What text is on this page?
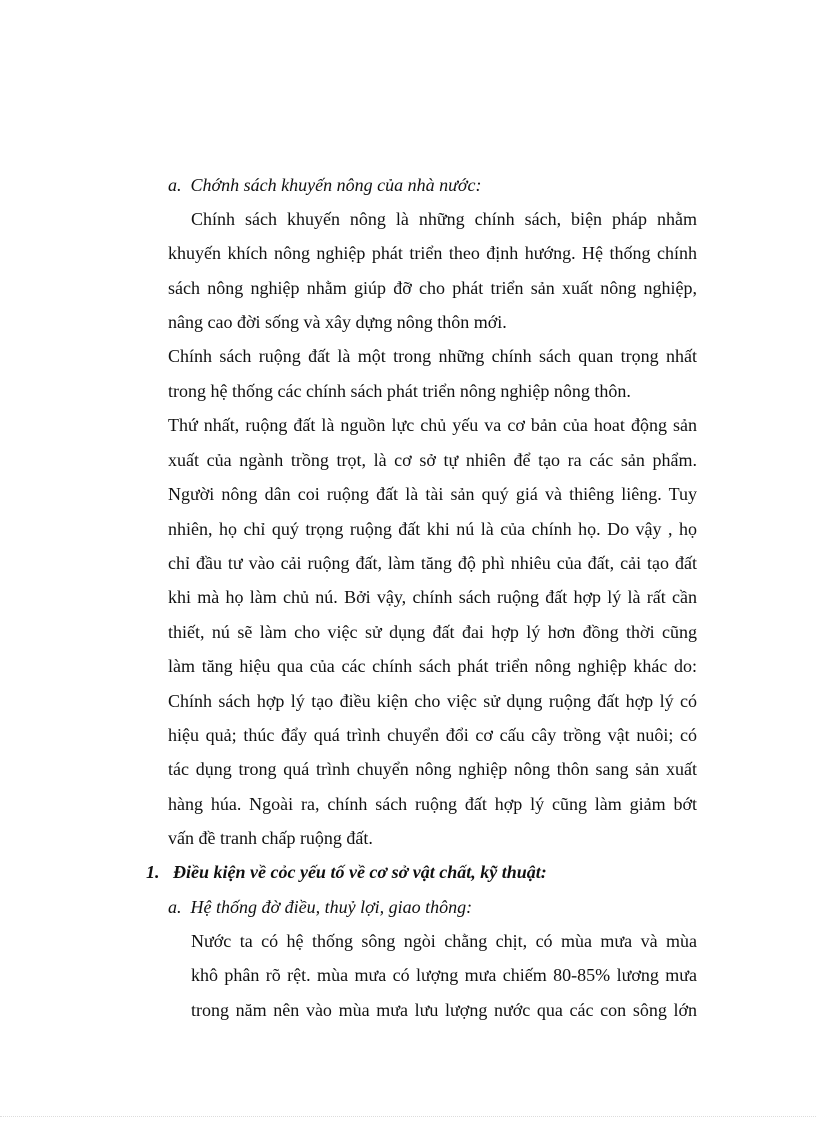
a. Chớnh sách khuyến nông của nhà nước:
Chính sách khuyến nông là những chính sách, biện pháp nhằm
khuyến khích nông nghiệp phát triển theo định hướng. Hệ thống chính
sách nông nghiệp nhằm giúp đỡ cho phát triển sản xuất nông nghiệp,
nâng cao đời sống và xây dựng nông thôn mới.
Chính sách ruộng đất là một trong những chính sách quan trọng nhất
trong hệ thống các chính sách phát triển nông nghiệp nông thôn.
Thứ nhất, ruộng đất là nguồn lực chủ yếu va cơ bản của hoat động sản
xuất của ngành trồng trọt, là cơ sở tự nhiên để tạo ra các sản phẩm.
Người nông dân coi ruộng đất là tài sản quý giá và thiêng liêng. Tuy
nhiên, họ chỉ quý trọng ruộng đất khi nú là của chính họ. Do vậy , họ
chỉ đầu tư vào cải ruộng đất, làm tăng độ phì nhiêu của đất, cải tạo đất
khi mà họ làm chủ nú. Bởi vậy, chính sách ruộng đất hợp lý là rất cần
thiết, nú sẽ làm cho việc sử dụng đất đai hợp lý hơn đồng thời cũng
làm tăng hiệu qua của các chính sách phát triển nông nghiệp khác do:
Chính sách hợp lý tạo điều kiện cho việc sử dụng ruộng đất hợp lý có
hiệu quả; thúc đẩy quá trình chuyển đổi cơ cấu cây trồng vật nuôi; có
tác dụng trong quá trình chuyển nông nghiệp nông thôn sang sản xuất
hàng húa. Ngoài ra, chính sách ruộng đất hợp lý cũng làm giảm bớt
vấn đề tranh chấp ruộng đất.
1. Điều kiện về cỏc yếu tố về cơ sở vật chất, kỹ thuật:
a. Hệ thống đờ điều, thuỷ lợi, giao thông:
Nước ta có hệ thống sông ngòi chằng chịt, có mùa mưa và mùa
khô phân rõ rệt. mùa mưa có lượng mưa chiếm 80-85% lương mưa
trong năm nên vào mùa mưa lưu lượng nước qua các con sông lớn
